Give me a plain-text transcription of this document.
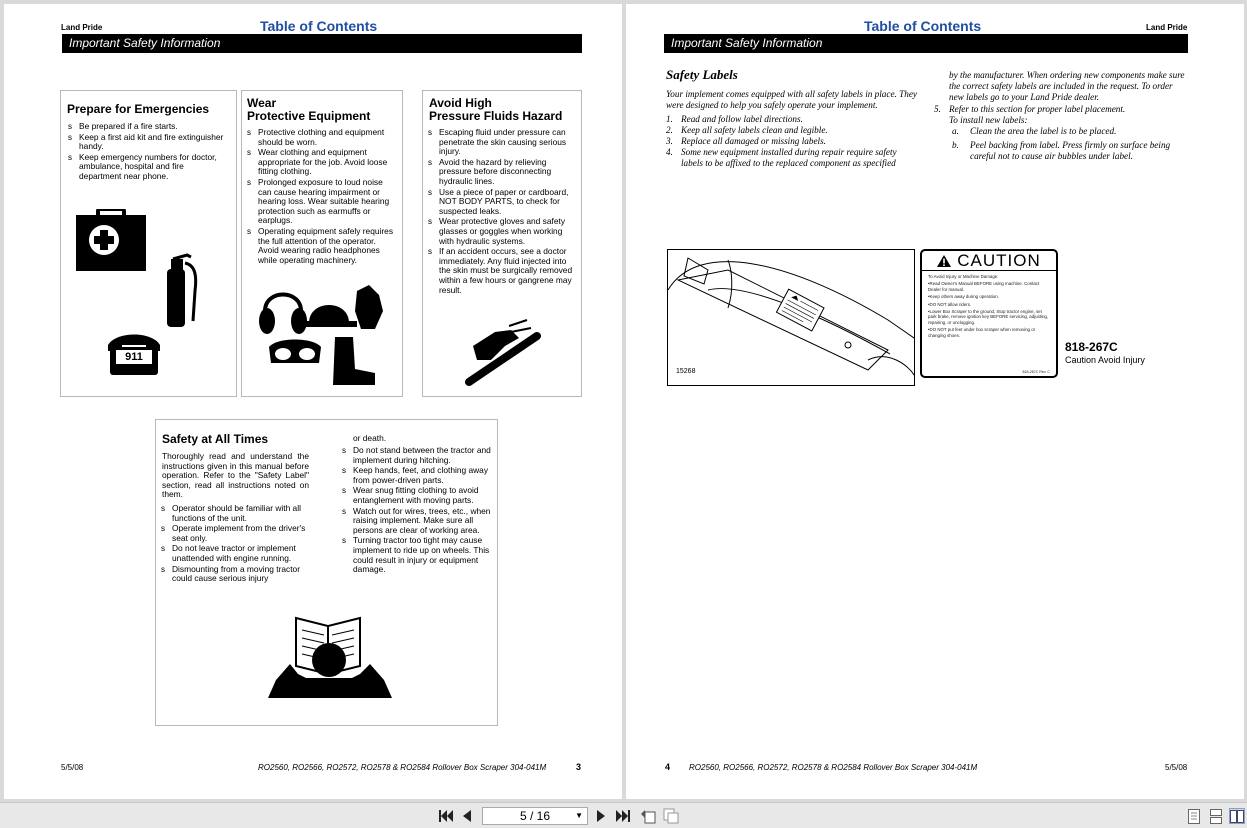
Land Pride	Table of Contents
Important Safety Information
Prepare for Emergencies
s Be prepared if a fire starts.
s Keep a first aid kit and fire extinguisher handy.
s Keep emergency numbers for doctor, ambulance, hospital and fire department near phone.
911
Wear
Protective Equipment
s Protective clothing and equipment should be worn.
s Wear clothing and equipment appropriate for the job. Avoid loose fitting clothing.
s Prolonged exposure to loud noise can cause hearing impairment or hearing loss. Wear suitable hearing protection such as earmuffs or earplugs.
s Operating equipment safely requires the full attention of the operator. Avoid wearing radio headphones while operating machinery.
Avoid High
Pressure Fluids Hazard
s Escaping fluid under pressure can penetrate the skin causing serious injury.
s Avoid the hazard by relieving pressure before disconnecting hydraulic lines.
s Use a piece of paper or cardboard, NOT BODY PARTS, to check for suspected leaks.
s Wear protective gloves and safety glasses or goggles when working with hydraulic systems.
s If an accident occurs, see a doctor immediately. Any fluid injected into the skin must be surgically removed within a few hours or gangrene may result.
Safety at All Times
Thoroughly read and understand the instructions given in this manual before operation. Refer to the "Safety Label" section, read all instructions noted on them.
s Operator should be familiar with all functions of the unit.
s Operate implement from the driver's seat only.
s Do not leave tractor or implement unattended with engine running.
s Dismounting from a moving tractor could cause serious injury
or death.
s Do not stand between the tractor and implement during hitching.
s Keep hands, feet, and clothing away from power-driven parts.
s Wear snug fitting clothing to avoid entanglement with moving parts.
s Watch out for wires, trees, etc., when raising implement. Make sure all persons are clear of working area.
s Turning tractor too tight may cause implement to ride up on wheels. This could result in injury or equipment damage.
5/5/08	RO2560, RO2566, RO2572, RO2578 & RO2584 Rollover Box Scraper 304-041M	3
Table of Contents	Land Pride
Important Safety Information
Safety Labels
Your implement comes equipped with all safety labels in place. They were designed to help you safely operate your implement.
1. Read and follow label directions.
2. Keep all safety labels clean and legible.
3. Replace all damaged or missing labels.
4. Some new equipment installed during repair require safety labels to be affixed to the replaced component as specified
by the manufacturer. When ordering new components make sure the correct safety labels are included in the request. To order new labels go to your Land Pride dealer.
5. Refer to this section for proper label placement.
To install new labels:
a. Clean the area the label is to be placed.
b. Peel backing from label. Press firmly on surface being careful not to cause air bubbles under label.
15268
CAUTION

To Avoid Injury or Machine Damage:

•Read Owner's Manual BEFORE using machine. Contact Dealer for manual.

•Keep others away during operation.

•DO NOT allow riders.

•Lower Box Scraper to the ground, Stop tractor engine, set park brake, remove ignition key BEFORE servicing, adjusting, repairing, or unclogging.

•DO NOT put feet under box scraper when removing or changing shoes.

818-267C Rev. C
818-267C
Caution Avoid Injury
4 RO2560, RO2566, RO2572, RO2578 & RO2584 Rollover Box Scraper 304-041M	5/5/08
5 / 16	▼
